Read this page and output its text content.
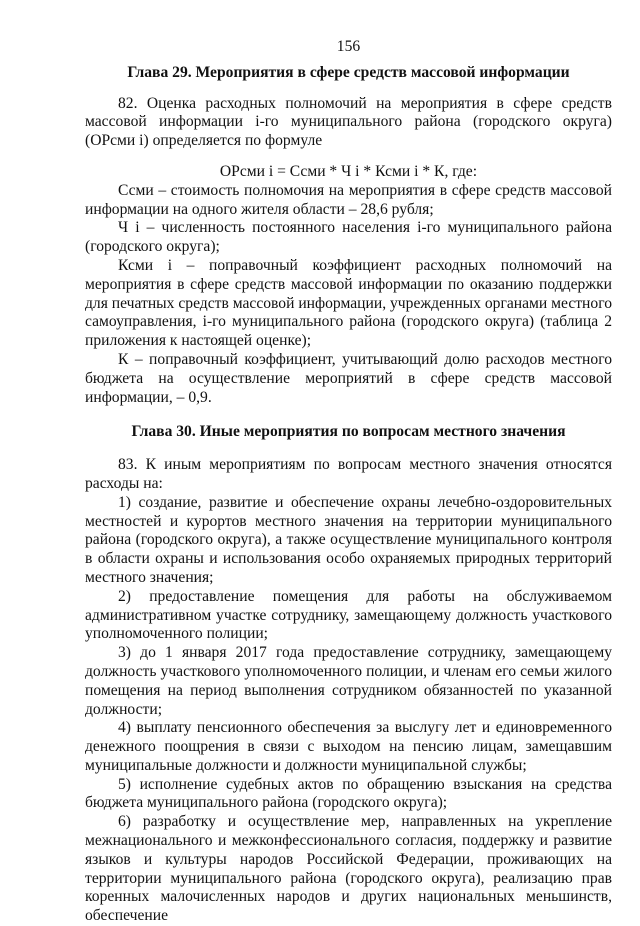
156
Глава 29. Мероприятия в сфере средств массовой информации

82. Оценка расходных полномочий на мероприятия в сфере средств массовой информации i-го муниципального района (городского округа) (ОРсми i) определяется по формуле

ОРсми i = Ссми * Ч i * Ксми i * К, где:

Ссми – стоимость полномочия на мероприятия в сфере средств массовой информации на одного жителя области – 28,6 рубля;

Ч i – численность постоянного населения i-го муниципального района (городского округа);

Ксми i – поправочный коэффициент расходных полномочий на мероприятия в сфере средств массовой информации по оказанию поддержки для печатных средств массовой информации, учрежденных органами местного самоуправления, i-го муниципального района (городского округа) (таблица 2 приложения к настоящей оценке);

К – поправочный коэффициент, учитывающий долю расходов местного бюджета на осуществление мероприятий в сфере средств массовой информации, – 0,9.

Глава 30. Иные мероприятия по вопросам местного значения

83. К иным мероприятиям по вопросам местного значения относятся расходы на:

1) создание, развитие и обеспечение охраны лечебно-оздоровительных местностей и курортов местного значения на территории муниципального района (городского округа), а также осуществление муниципального контроля в области охраны и использования особо охраняемых природных территорий местного значения;

2) предоставление помещения для работы на обслуживаемом административном участке сотруднику, замещающему должность участкового уполномоченного полиции;

3) до 1 января 2017 года предоставление сотруднику, замещающему должность участкового уполномоченного полиции, и членам его семьи жилого помещения на период выполнения сотрудником обязанностей по указанной должности;

4) выплату пенсионного обеспечения за выслугу лет и единовременного денежного поощрения в связи с выходом на пенсию лицам, замещавшим муниципальные должности и должности муниципальной службы;

5) исполнение судебных актов по обращению взыскания на средства бюджета муниципального района (городского округа);

6) разработку и осуществление мер, направленных на укрепление межнационального и межконфессионального согласия, поддержку и развитие языков и культуры народов Российской Федерации, проживающих на территории муниципального района (городского округа), реализацию прав коренных малочисленных народов и других национальных меньшинств, обеспечение
